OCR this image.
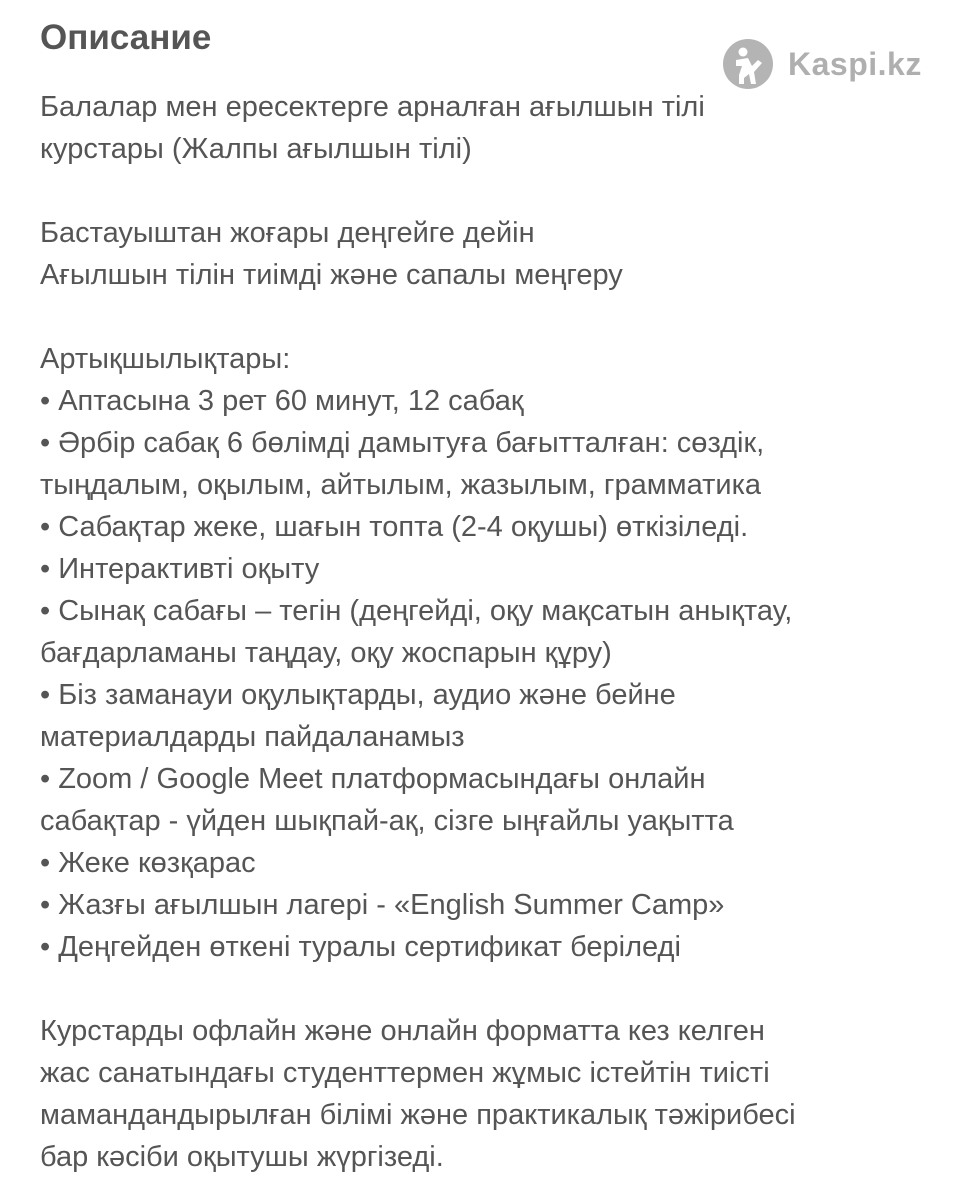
Описание
Kaspi.kz
Балалар мен ересектерге арналған ағылшын тілі
курстары (Жалпы ағылшын тілі)
Бастауыштан жоғары деңгейге дейін
Ағылшын тілін тиімді және сапалы меңгеру
Артықшылықтары:
• Аптасына 3 рет 60 минут, 12 сабақ
• Әрбір сабақ 6 бөлімді дамытуға бағытталған: сөздік,
тыңдалым, оқылым, айтылым, жазылым, грамматика
• Сабақтар жеке, шағын топта (2-4 оқушы) өткізіледі.
• Интерактивті оқыту
• Сынақ сабағы – тегін (деңгейді, оқу мақсатын анықтау,
бағдарламаны таңдау, оқу жоспарын құру)
• Біз заманауи оқулықтарды, аудио және бейне
материалдарды пайдаланамыз
• Zoom / Google Meet платформасындағы онлайн
сабақтар - үйден шықпай-ақ, сізге ыңғайлы уақытта
• Жеке көзқарас
• Жазғы ағылшын лагері - «English Summer Camp»
• Деңгейден өткені туралы сертификат беріледі
Курстарды офлайн және онлайн форматта кез келген
жас санатындағы студенттермен жұмыс істейтін тиісті
мамандандырылған білімі және практикалық тәжірибесі
бар кәсіби оқытушы жүргізеді.
